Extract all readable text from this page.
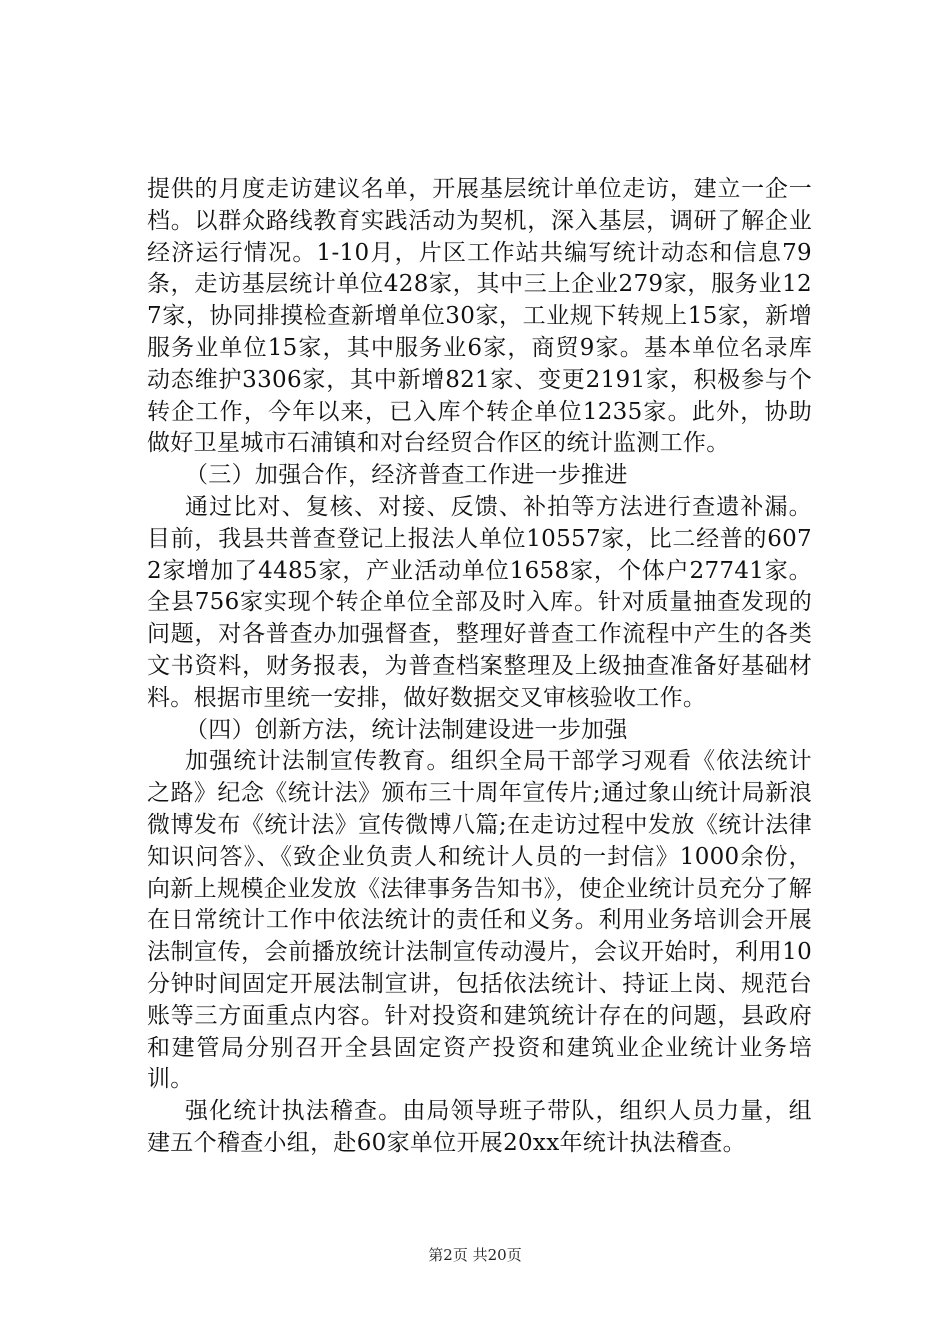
提供的月度走访建议名单，开展基层统计单位走访，建立一企一档。以群众路线教育实践活动为契机，深入基层，调研了解企业经济运行情况。1-10月，片区工作站共编写统计动态和信息79条，走访基层统计单位428家，其中三上企业279家，服务业127家，协同排摸检查新增单位30家，工业规下转规上15家，新增服务业单位15家，其中服务业6家，商贸9家。基本单位名录库动态维护3306家，其中新增821家、变更2191家，积极参与个转企工作，今年以来，已入库个转企单位1235家。此外，协助做好卫星城市石浦镇和对台经贸合作区的统计监测工作。

（三）加强合作，经济普查工作进一步推进

通过比对、复核、对接、反馈、补拍等方法进行查遗补漏。目前，我县共普查登记上报法人单位10557家，比二经普的6072家增加了4485家，产业活动单位1658家，个体户27741家。全县756家实现个转企单位全部及时入库。针对质量抽查发现的问题，对各普查办加强督查，整理好普查工作流程中产生的各类文书资料，财务报表，为普查档案整理及上级抽查准备好基础材料。根据市里统一安排，做好数据交叉审核验收工作。

（四）创新方法，统计法制建设进一步加强

加强统计法制宣传教育。组织全局干部学习观看《依法统计之路》纪念《统计法》颁布三十周年宣传片;通过象山统计局新浪微博发布《统计法》宣传微博八篇;在走访过程中发放《统计法律知识问答》、《致企业负责人和统计人员的一封信》1000余份，向新上规模企业发放《法律事务告知书》，使企业统计员充分了解在日常统计工作中依法统计的责任和义务。利用业务培训会开展法制宣传，会前播放统计法制宣传动漫片，会议开始时，利用10分钟时间固定开展法制宣讲，包括依法统计、持证上岗、规范台账等三方面重点内容。针对投资和建筑统计存在的问题，县政府和建管局分别召开全县固定资产投资和建筑业企业统计业务培训。

强化统计执法稽查。由局领导班子带队，组织人员力量，组建五个稽查小组，赴60家单位开展20xx年统计执法稽查。

第2页 共20页
